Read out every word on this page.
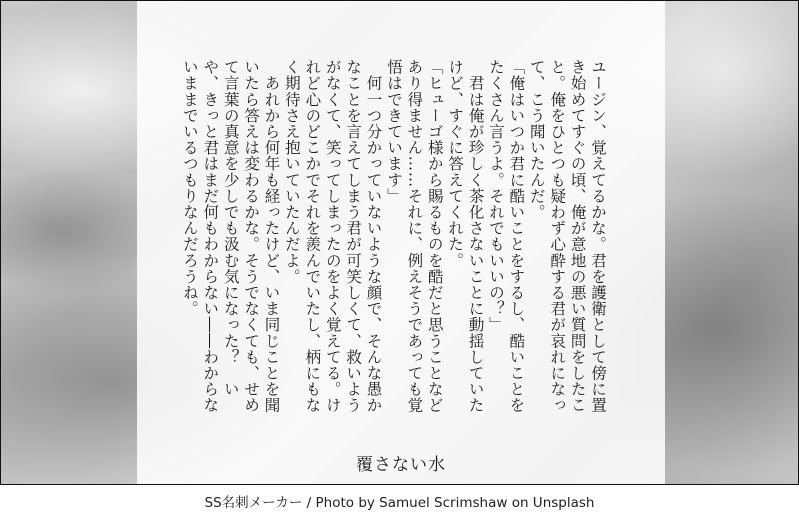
ユージン、覚えてるかな。君を護衛として傍に置き始めてすぐの頃、俺が意地の悪い質問をしたこと。俺をひとつも疑わず心酔する君が哀れになって、こう聞いたんだ。
「俺はいつか君に酷いことをするし、酷いことをたくさん言うよ。それでもいいの？」
　君は俺が珍しく茶化さないことに動揺していたけど、すぐに答えてくれた。
「ヒューゴ様から賜るものを酷だと思うことなどあり得ません……それに、例えそうであっても覚悟はできています」
　何一つ分かっていないような顔で、そんな愚かなことを言えてしまう君が可笑しくて、救いようがなくて、笑ってしまったのをよく覚えてる。けれど心のどこかでそれを羨んでいたし、柄にもなく期待さえ抱いていたんだよ。
　あれから何年も経ったけど、いま同じことを聞いたら答えは変わるかな。そうでなくても、せめて言葉の真意を少しでも汲む気になった？　いや、きっと君はまだ何もわからない――わからないままでいるつもりなんだろうね。
覆さない水
SS名刺メーカー / Photo by Samuel Scrimshaw on Unsplash
